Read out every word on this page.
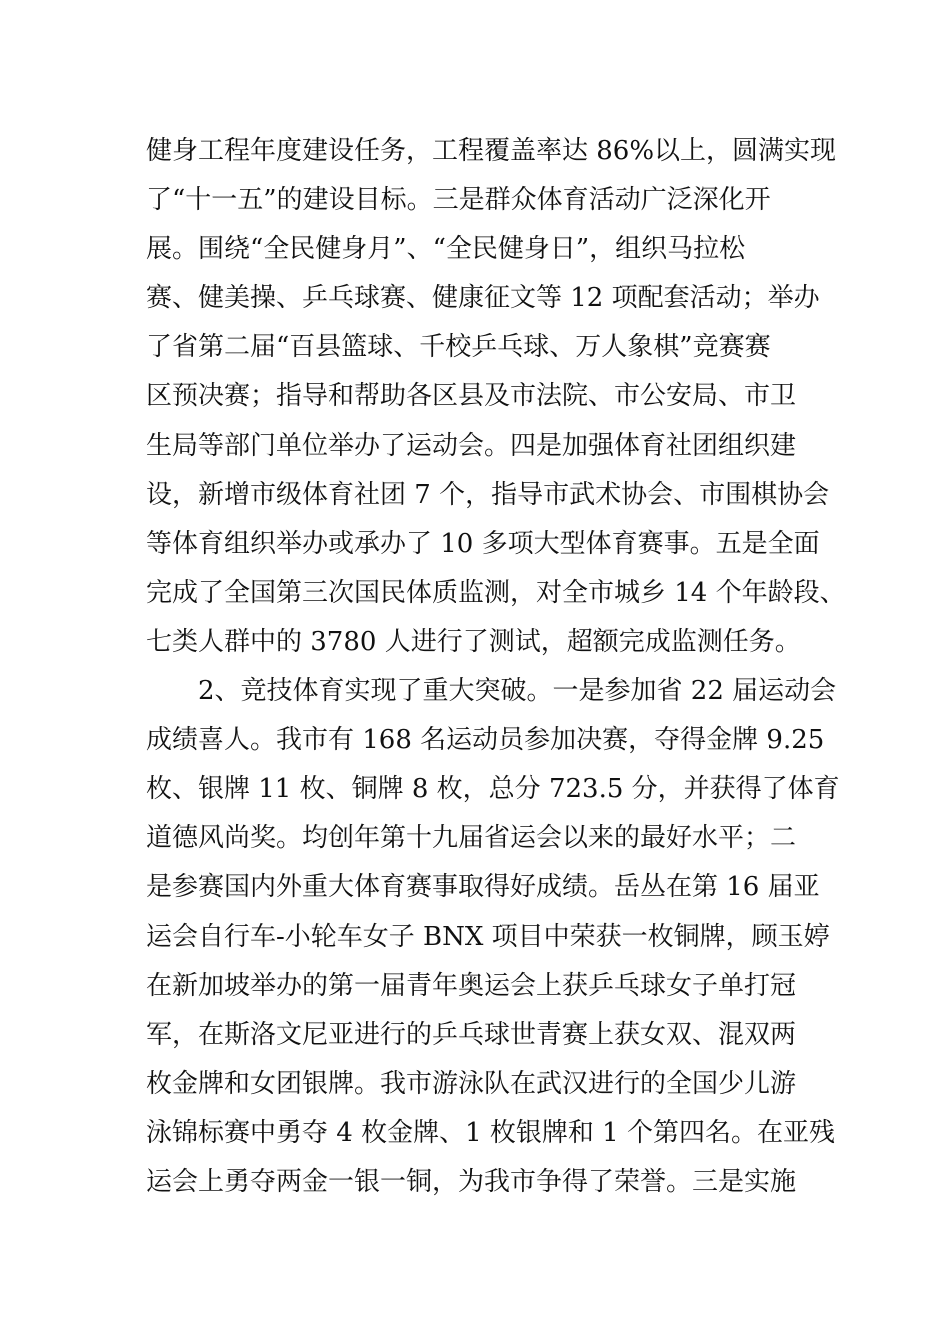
健身工程年度建设任务，工程覆盖率达 86%以上，圆满实现
了“十一五”的建设目标。三是群众体育活动广泛深化开
展。围绕“全民健身月”、“全民健身日”，组织马拉松
赛、健美操、乒乓球赛、健康征文等 12 项配套活动；举办
了省第二届“百县篮球、千校乒乓球、万人象棋”竞赛赛
区预决赛；指导和帮助各区县及市法院、市公安局、市卫
生局等部门单位举办了运动会。四是加强体育社团组织建
设，新增市级体育社团 7 个，指导市武术协会、市围棋协会
等体育组织举办或承办了 10 多项大型体育赛事。五是全面
完成了全国第三次国民体质监测，对全市城乡 14 个年龄段、
七类人群中的 3780 人进行了测试，超额完成监测任务。
　　2、竞技体育实现了重大突破。一是参加省 22 届运动会
成绩喜人。我市有 168 名运动员参加决赛，夺得金牌 9.25
枚、银牌 11 枚、铜牌 8 枚，总分 723.5 分，并获得了体育
道德风尚奖。均创年第十九届省运会以来的最好水平；二
是参赛国内外重大体育赛事取得好成绩。岳丛在第 16 届亚
运会自行车-小轮车女子 BNX 项目中荣获一枚铜牌，顾玉婷
在新加坡举办的第一届青年奥运会上获乒乓球女子单打冠
军，在斯洛文尼亚进行的乒乓球世青赛上获女双、混双两
枚金牌和女团银牌。我市游泳队在武汉进行的全国少儿游
泳锦标赛中勇夺 4 枚金牌、1 枚银牌和 1 个第四名。在亚残
运会上勇夺两金一银一铜，为我市争得了荣誉。三是实施
